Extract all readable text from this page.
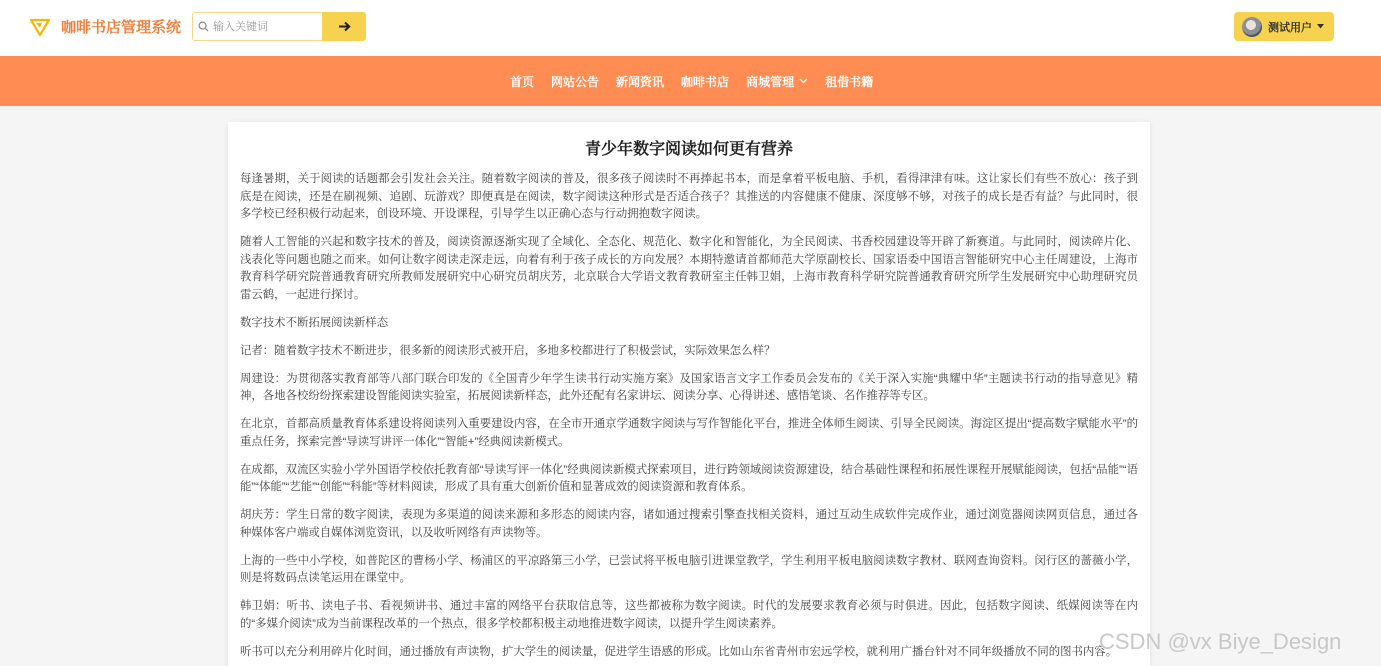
咖啡书店管理系统
输入关键词	测试用户
首页 网站公告 新闻资讯 咖啡书店 商城管理	租借书籍
青少年数字阅读如何更有营养

每逢暑期，关于阅读的话题都会引发社会关注。随着数字阅读的普及，很多孩子阅读时不再捧起书本，而是拿着平板电脑、手机，看得津津有味。这让家长们有些不放心：孩子到底是在阅读，还是在刷视频、追剧、玩游戏？即便真是在阅读，数字阅读这种形式是否适合孩子？其推送的内容健康不健康、深度够不够，对孩子的成长是否有益？与此同时，很多学校已经积极行动起来，创设环境、开设课程，引导学生以正确心态与行动拥抱数字阅读。

随着人工智能的兴起和数字技术的普及，阅读资源逐渐实现了全域化、全态化、规范化、数字化和智能化，为全民阅读、书香校园建设等开辟了新赛道。与此同时，阅读碎片化、浅表化等问题也随之而来。如何让数字阅读走深走远，向着有利于孩子成长的方向发展？本期特邀请首都师范大学原副校长、国家语委中国语言智能研究中心主任周建设，上海市教育科学研究院普通教育研究所教师发展研究中心研究员胡庆芳，北京联合大学语文教育教研室主任韩卫娟，上海市教育科学研究院普通教育研究所学生发展研究中心助理研究员雷云鹤，一起进行探讨。

数字技术不断拓展阅读新样态

记者：随着数字技术不断进步，很多新的阅读形式被开启，多地多校都进行了积极尝试，实际效果怎么样？

周建设：为贯彻落实教育部等八部门联合印发的《全国青少年学生读书行动实施方案》及国家语言文字工作委员会发布的《关于深入实施“典耀中华”主题读书行动的指导意见》精神，各地各校纷纷探索建设智能阅读实验室，拓展阅读新样态，此外还配有名家讲坛、阅读分享、心得讲述、感悟笔谈、名作推荐等专区。

在北京，首都高质量教育体系建设将阅读列入重要建设内容，在全市开通京学通数字阅读与写作智能化平台，推进全体师生阅读、引导全民阅读。海淀区提出“提高数字赋能水平”的重点任务，探索完善“导读写讲评一体化”“智能+”经典阅读新模式。

在成都，双流区实验小学外国语学校依托教育部“导读写评一体化”经典阅读新模式探索项目，进行跨领域阅读资源建设，结合基础性课程和拓展性课程开展赋能阅读，包括“品能”“语能”“体能”“艺能”“创能”“科能”等材料阅读，形成了具有重大创新价值和显著成效的阅读资源和教育体系。

胡庆芳：学生日常的数字阅读，表现为多渠道的阅读来源和多形态的阅读内容，诸如通过搜索引擎查找相关资料，通过互动生成软件完成作业，通过浏览器阅读网页信息，通过各种媒体客户端或自媒体浏览资讯，以及收听网络有声读物等。

上海的一些中小学校，如普陀区的曹杨小学、杨浦区的平凉路第三小学，已尝试将平板电脑引进课堂教学，学生利用平板电脑阅读数字教材、联网查询资料。闵行区的蔷薇小学，则是将数码点读笔运用在课堂中。

韩卫娟：听书、读电子书、看视频讲书、通过丰富的网络平台获取信息等，这些都被称为数字阅读。时代的发展要求教育必须与时俱进。因此，包括数字阅读、纸媒阅读等在内的“多媒介阅读”成为当前课程改革的一个热点，很多学校都积极主动地推进数字阅读，以提升学生阅读素养。

听书可以充分利用碎片化时间，通过播放有声读物，扩大学生的阅读量，促进学生语感的形成。比如山东省青州市宏远学校，就利用广播台针对不同年级播放不同的图书内容。

CSDN @vx Biye_Design
